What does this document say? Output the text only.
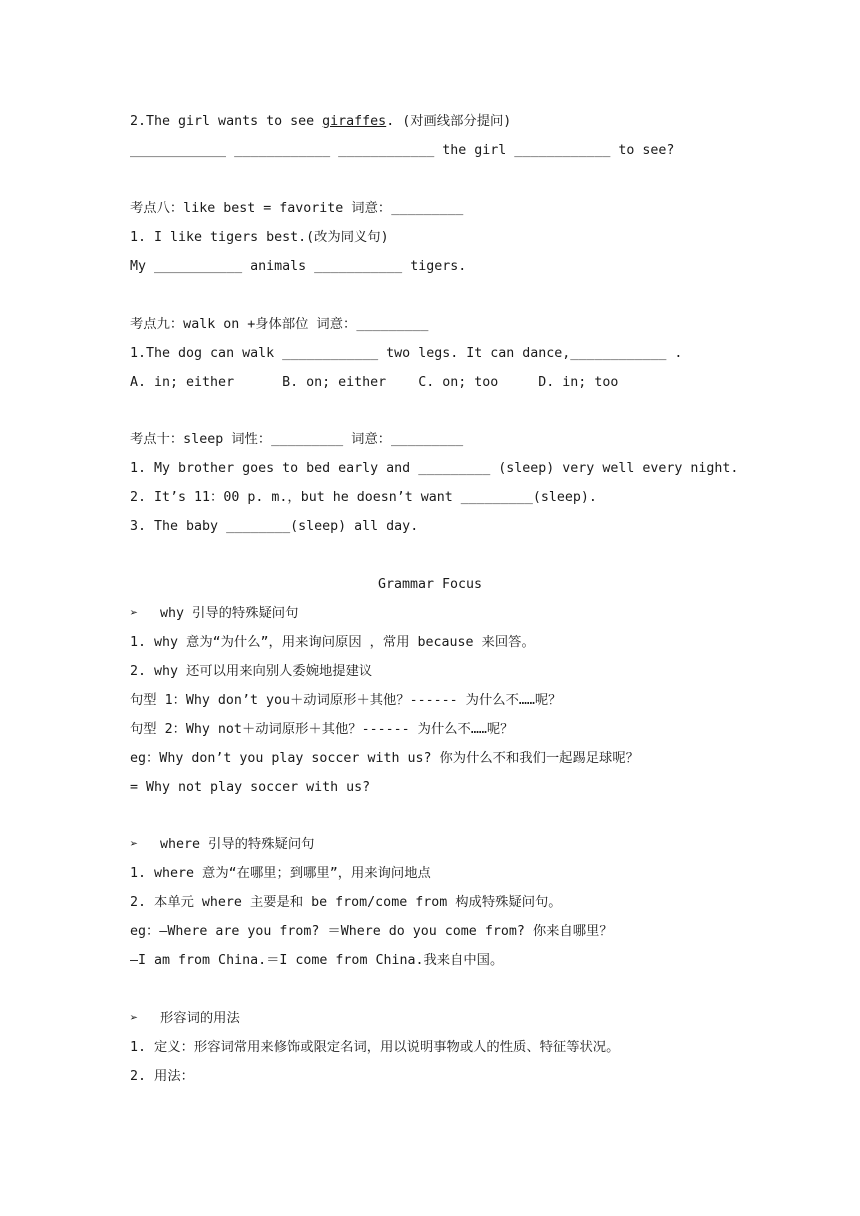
2.The girl wants to see giraffes. (对画线部分提问)
____________ ____________ ____________ the girl ____________ to see?
考点八：like best = favorite 词意：_________
1. I like tigers best.(改为同义句)
My ___________ animals ___________ tigers.
考点九：walk on +身体部位 词意：_________
1.The dog can walk ____________ two legs. It can dance,____________ .
A. in; either      B. on; either    C. on; too     D. in; too
考点十：sleep 词性：_________ 词意：_________
1. My brother goes to bed early and _________ (sleep) very well every night.
2. It’s 11：00 p. m.，but he doesn’t want _________(sleep).
3. The baby ________(sleep) all day.
Grammar Focus
➢ why 引导的特殊疑问句
1. why 意为“为什么”，用来询问原因 ，常用 because 来回答。
2. why 还可以用来向别人委婉地提建议
句型 1：Why don’t you＋动词原形＋其他？------ 为什么不……呢？
句型 2：Why not＋动词原形＋其他？------ 为什么不……呢？
eg：Why don’t you play soccer with us? 你为什么不和我们一起踢足球呢？
= Why not play soccer with us?
➢ where 引导的特殊疑问句
1. where 意为“在哪里；到哪里”，用来询问地点
2. 本单元 where 主要是和 be from/come from 构成特殊疑问句。
eg：—Where are you from? ＝Where do you come from? 你来自哪里？
—I am from China.＝I come from China.我来自中国。
➢ 形容词的用法
1. 定义：形容词常用来修饰或限定名词，用以说明事物或人的性质、特征等状况。
2. 用法：
